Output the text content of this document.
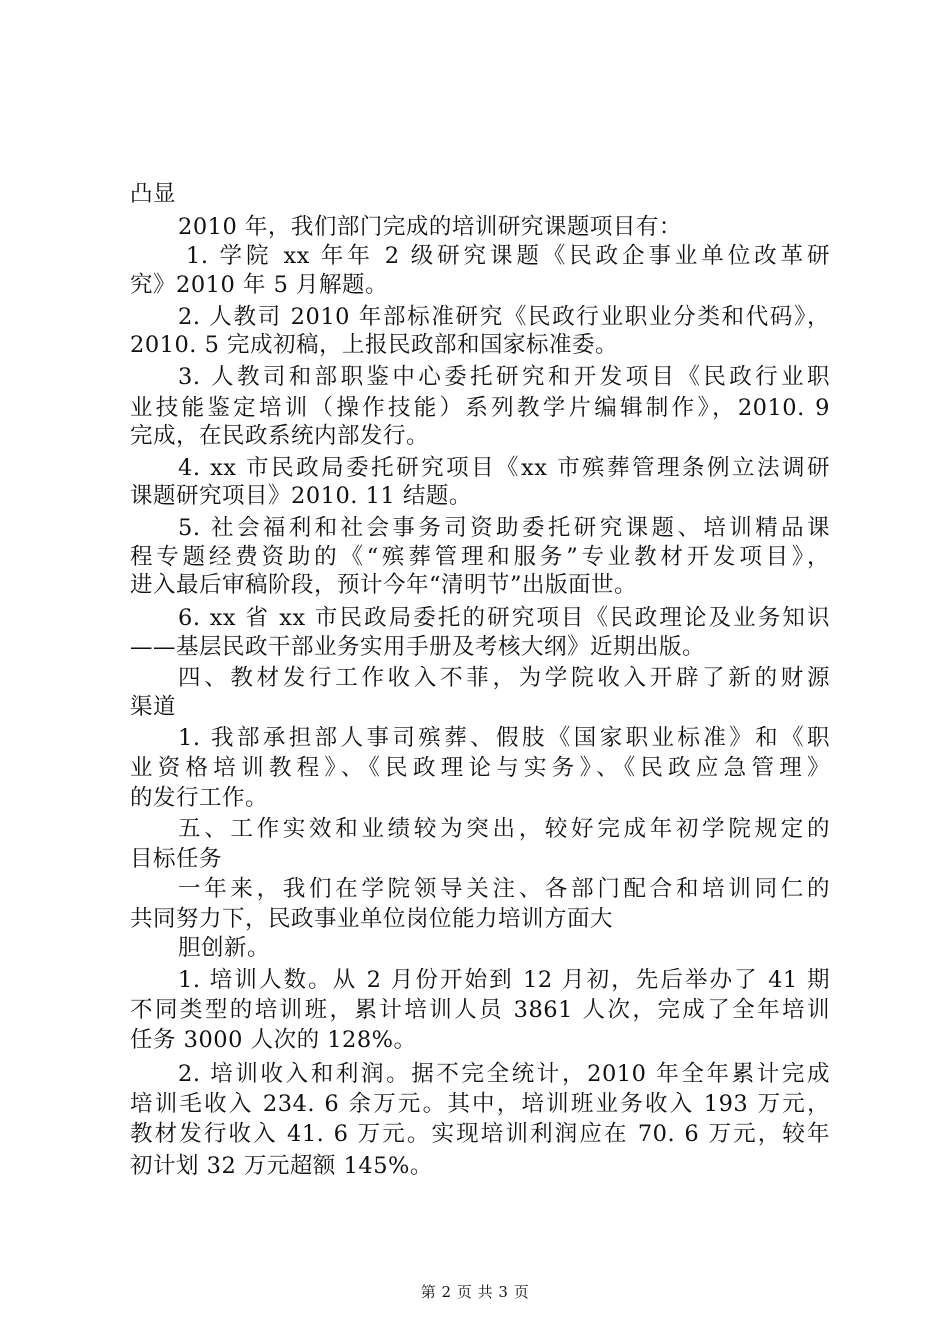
凸显
2010 年，我们部门完成的培训研究课题项目有：
1. 学院 xx 年年 2 级研究课题《民政企事业单位改革研
究》2010 年 5 月解题。
2. 人教司 2010 年部标准研究《民政行业职业分类和代码》，
2010. 5 完成初稿，上报民政部和国家标准委。
3. 人教司和部职鉴中心委托研究和开发项目《民政行业职
业技能鉴定培训（操作技能）系列教学片编辑制作》，2010. 9
完成，在民政系统内部发行。
4. xx 市民政局委托研究项目《xx 市殡葬管理条例立法调研
课题研究项目》2010. 11 结题。
5. 社会福利和社会事务司资助委托研究课题、培训精品课
程专题经费资助的《“殡葬管理和服务”专业教材开发项目》，
进入最后审稿阶段，预计今年“清明节”出版面世。
6. xx 省 xx 市民政局委托的研究项目《民政理论及业务知识
——基层民政干部业务实用手册及考核大纲》近期出版。
四、教材发行工作收入不菲，为学院收入开辟了新的财源
渠道
1. 我部承担部人事司殡葬、假肢《国家职业标准》和《职
业资格培训教程》、《民政理论与实务》、《民政应急管理》
的发行工作。
五、工作实效和业绩较为突出，较好完成年初学院规定的
目标任务
一年来，我们在学院领导关注、各部门配合和培训同仁的
共同努力下，民政事业单位岗位能力培训方面大
胆创新。
1. 培训人数。从 2 月份开始到 12 月初，先后举办了 41 期
不同类型的培训班，累计培训人员 3861 人次，完成了全年培训
任务 3000 人次的 128%。
2. 培训收入和利润。据不完全统计，2010 年全年累计完成
培训毛收入 234. 6 余万元。其中，培训班业务收入 193 万元，
教材发行收入 41. 6 万元。实现培训利润应在 70. 6 万元，较年
初计划 32 万元超额 145%。
第 2 页 共 3 页
